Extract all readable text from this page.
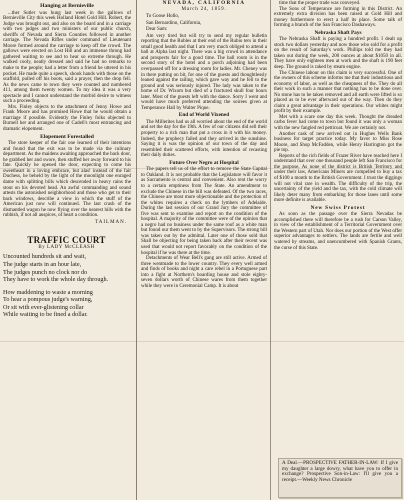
Hanging at Bernieville

...ther Sutler was hung last week in the gallows of Bernieville City this week Holland Hotel Gold Hill. Robert, the Judge was brought out, and also on the board and in a carriage with two judges and two ministers of our public church, sheriffs of Nevada and Sierra Counties followed in another carriage. The Nevada Rifles under command of Lieutenant Moore formed around the carriage to keep off the crowd. The gallows were erected on Lost Hill and an immense throng had gathered waiting to see and to hear so extreme through. He walked cooly, neatly dressed and said he had no remarks to make to the people; had a letter from a friend he uttered in his pocket. He made quite a speech, shook hands with those on the scaffold, pulled off his boots, said a prayer, then the drop fell. As the news came to town they were counted and numbered 411, among them twenty women. To my idea it was a very spectacle and I cannot understand the morbid desire to witness such a proceeding.

Mrs. Finley objects to the attachment of Jenny Howe and Frank Moore and has promised Howe that he would obtain a marriage if possible. Evidently the Finley folks objected to Burnell her and arranged one of Cadell's most entrancing and dramatic elopement.

Elopement Forestalled

The store keeper of the fair one learned of their intentions and found that the exit was to be made via the culinary department. As the maidens awaiting approached the back door, he grabbed her and swore, then stuffed her away forward to his fate. Quickly he opened the door, expecting to come his sweetheart in a loving embrace, but alas! instead of the fair Duchess, he beheld by the light of the moonlight one enraged dame with splitting bills which descended in heavy rains the stout on his devoted head. An awful commanding and sound attests the astonished neighborhood and those who get to their back windows, describe a view in which the stuff of the American just now will continued. The last crash of the dismantled wagon he now flying over the nearest hills with the rubbish, if not all auspices, of heart a condition.

TAILMAN.
TRAFFIC COURT
By LADY McCLEASH
Uncounted hundreds sit and wait,
The judge starts in an hour late,
The judges punch no clock nor do
They have to work the whole day through.
How maddening to waste a morning
To hear a pompous judge's warning,
Or sit with ever-glistening collar
While waiting to be fined a dollar.
NEVADA, CALIFORNIA
March 24, 1859.
To Goose Hollo,
San Bernardino, California,
Dear Sam:

Am very tired but will try to send my regular bulletin reporting that the Rubles at their end of the Rubio ters in their small good health and that I am very much obliged to attend a ball at Alpha last night. There was a big crowd in attendance and prospects fair for a good time. The ball room is in the second story of the hotel and a porch adjoining had been overpassed off for a dressing room for ladies. Mr. Cheney was in there putting on bit, for one of the guests and thoughtlessly leaned against the railing, which gave way and he fell to the ground and was seriously injured. The lady was taken to the home of Dr. Wixom but died of a fractured skull four hours later. Most of the guests left with the dance. Sorry I went and would have much preferred attending the soirees given at Temperance Hall by Walter Pique.

End of World Vixened

The Millerites had us all worried about the end of the world and set the day for the 19th. A few of our citizens did sell their property to a rich man that put a cross in it with his money. Indeed, the prophecy failed and they arrived in the sunshine. Saying it is was the opinion of our town of the day and resembled their scattered efforts, with intention of recasting their daily duties.

Future Over Negro at Hospital

The papers tell us of the effort to remove the State Capital to Oakland. It is not probable that the Legislature will favor it as Sacramento is central and convenient. Also rent the worry to a certain emptiness from The State. An amendment to exclude the Chinese in the bill was defeated. Of the two races, the Chinese are most more objectionable and the protection of the whites requires a check on the lymbers of Adelaide. During the last session of our Grand Jury the committee of five was sent to examine and report on the condition of the hospital. A majority of the committee were of the opinion that a negro had no business under the same roof as a white man but found our them went to by the Supervisors. The strong bill was taken out by the admittal. Later one of those sold that Shall be objecting for being taken back after their recent was used that would not report favorably on the condition of the hospital if he was there at the time.

Detachments of Wear Bell's gang are still active. Armed of three wentmade to the lower country. They every well armed and finds of books and night a care rebel in a Portuguese part into a fight at Northern's boarding house and stole eighty-seven dollars worth of Chinese wares from them together while they were in Ceremonial Camp. It is about

time that the proper trade was conveyed.

The Sons of Temperance are forming in this District. An extremely extra division has been raised at Gold Hill and money furthermore to erect a half its place. Some talk of forming a branch of the San Francisco Dashaways.

Nebraska Shaft Pays

The Nebraska Shaft is paying a hundred profit. I dealt up stock two dollars yesterday and now those who sold for a profit on the result of Saturday's work. Phillips told me they had taken out during the week, 200 ounces at about $1050 in all. They have only eighteen men at work and the shaft is 190 feet deep. The ground is raked by steam engine.

The Chinese labour on this claim is very successful. One of the owners of this scheme informs me that their industrious and economy of labor, as well as the cheapness of the. They do all their work in such a manner that nothing has to be done over. No stone has to be taken removed and all earth were lifted is so placed as to be ever afterward out of the way. Then do they claim a great advantage in their operations. Our whites might profit by their example.

Met with a scare one day this week. Thought the dreaded carbo fever had come to town but found it was only a woman with the new fangled red petticoat. We are certainly not.

Another cask of new arrived out in Hughes Wells Bank business for target practice today. My favor to Miss Rose Moore, and Shop McFadden, while Henry Harrington got the pie top.

Reports of the rich fields of Frazer River have reached here I understand that over one thousand people left San Francisco for the purpose. As none of the district is British Territory and under their law, Americans Miners are compelled to buy a tax of $100 a month to the British Government. I trust the diggings will not vital rare in wealth. The difficulty of the trip, the uncertainty of the yield and the tax, with the cold climate will likely deter many from embarking for those lanes until some more definite is available.

New Swiss Protest

As soon as the passage over the Sierra Nevadas be accomplished there will therefore be a rush for Carson Valley, in view of the establishment of a Territorial Government over the Western part of Utah. Nor does our portion of the West offer superior advantages to settlers. The lands are fertile and well watered by streams, and unencumbered with Spanish Grants, the curse of this State.

A Deal.—PROSPECTIVE FATHER-IN-LAW: If I give my daughter a large dowry, what have you to offer in exchange? Prospective Son-in-Law: I'll give you a receipt.—Weekly News Chronicle
